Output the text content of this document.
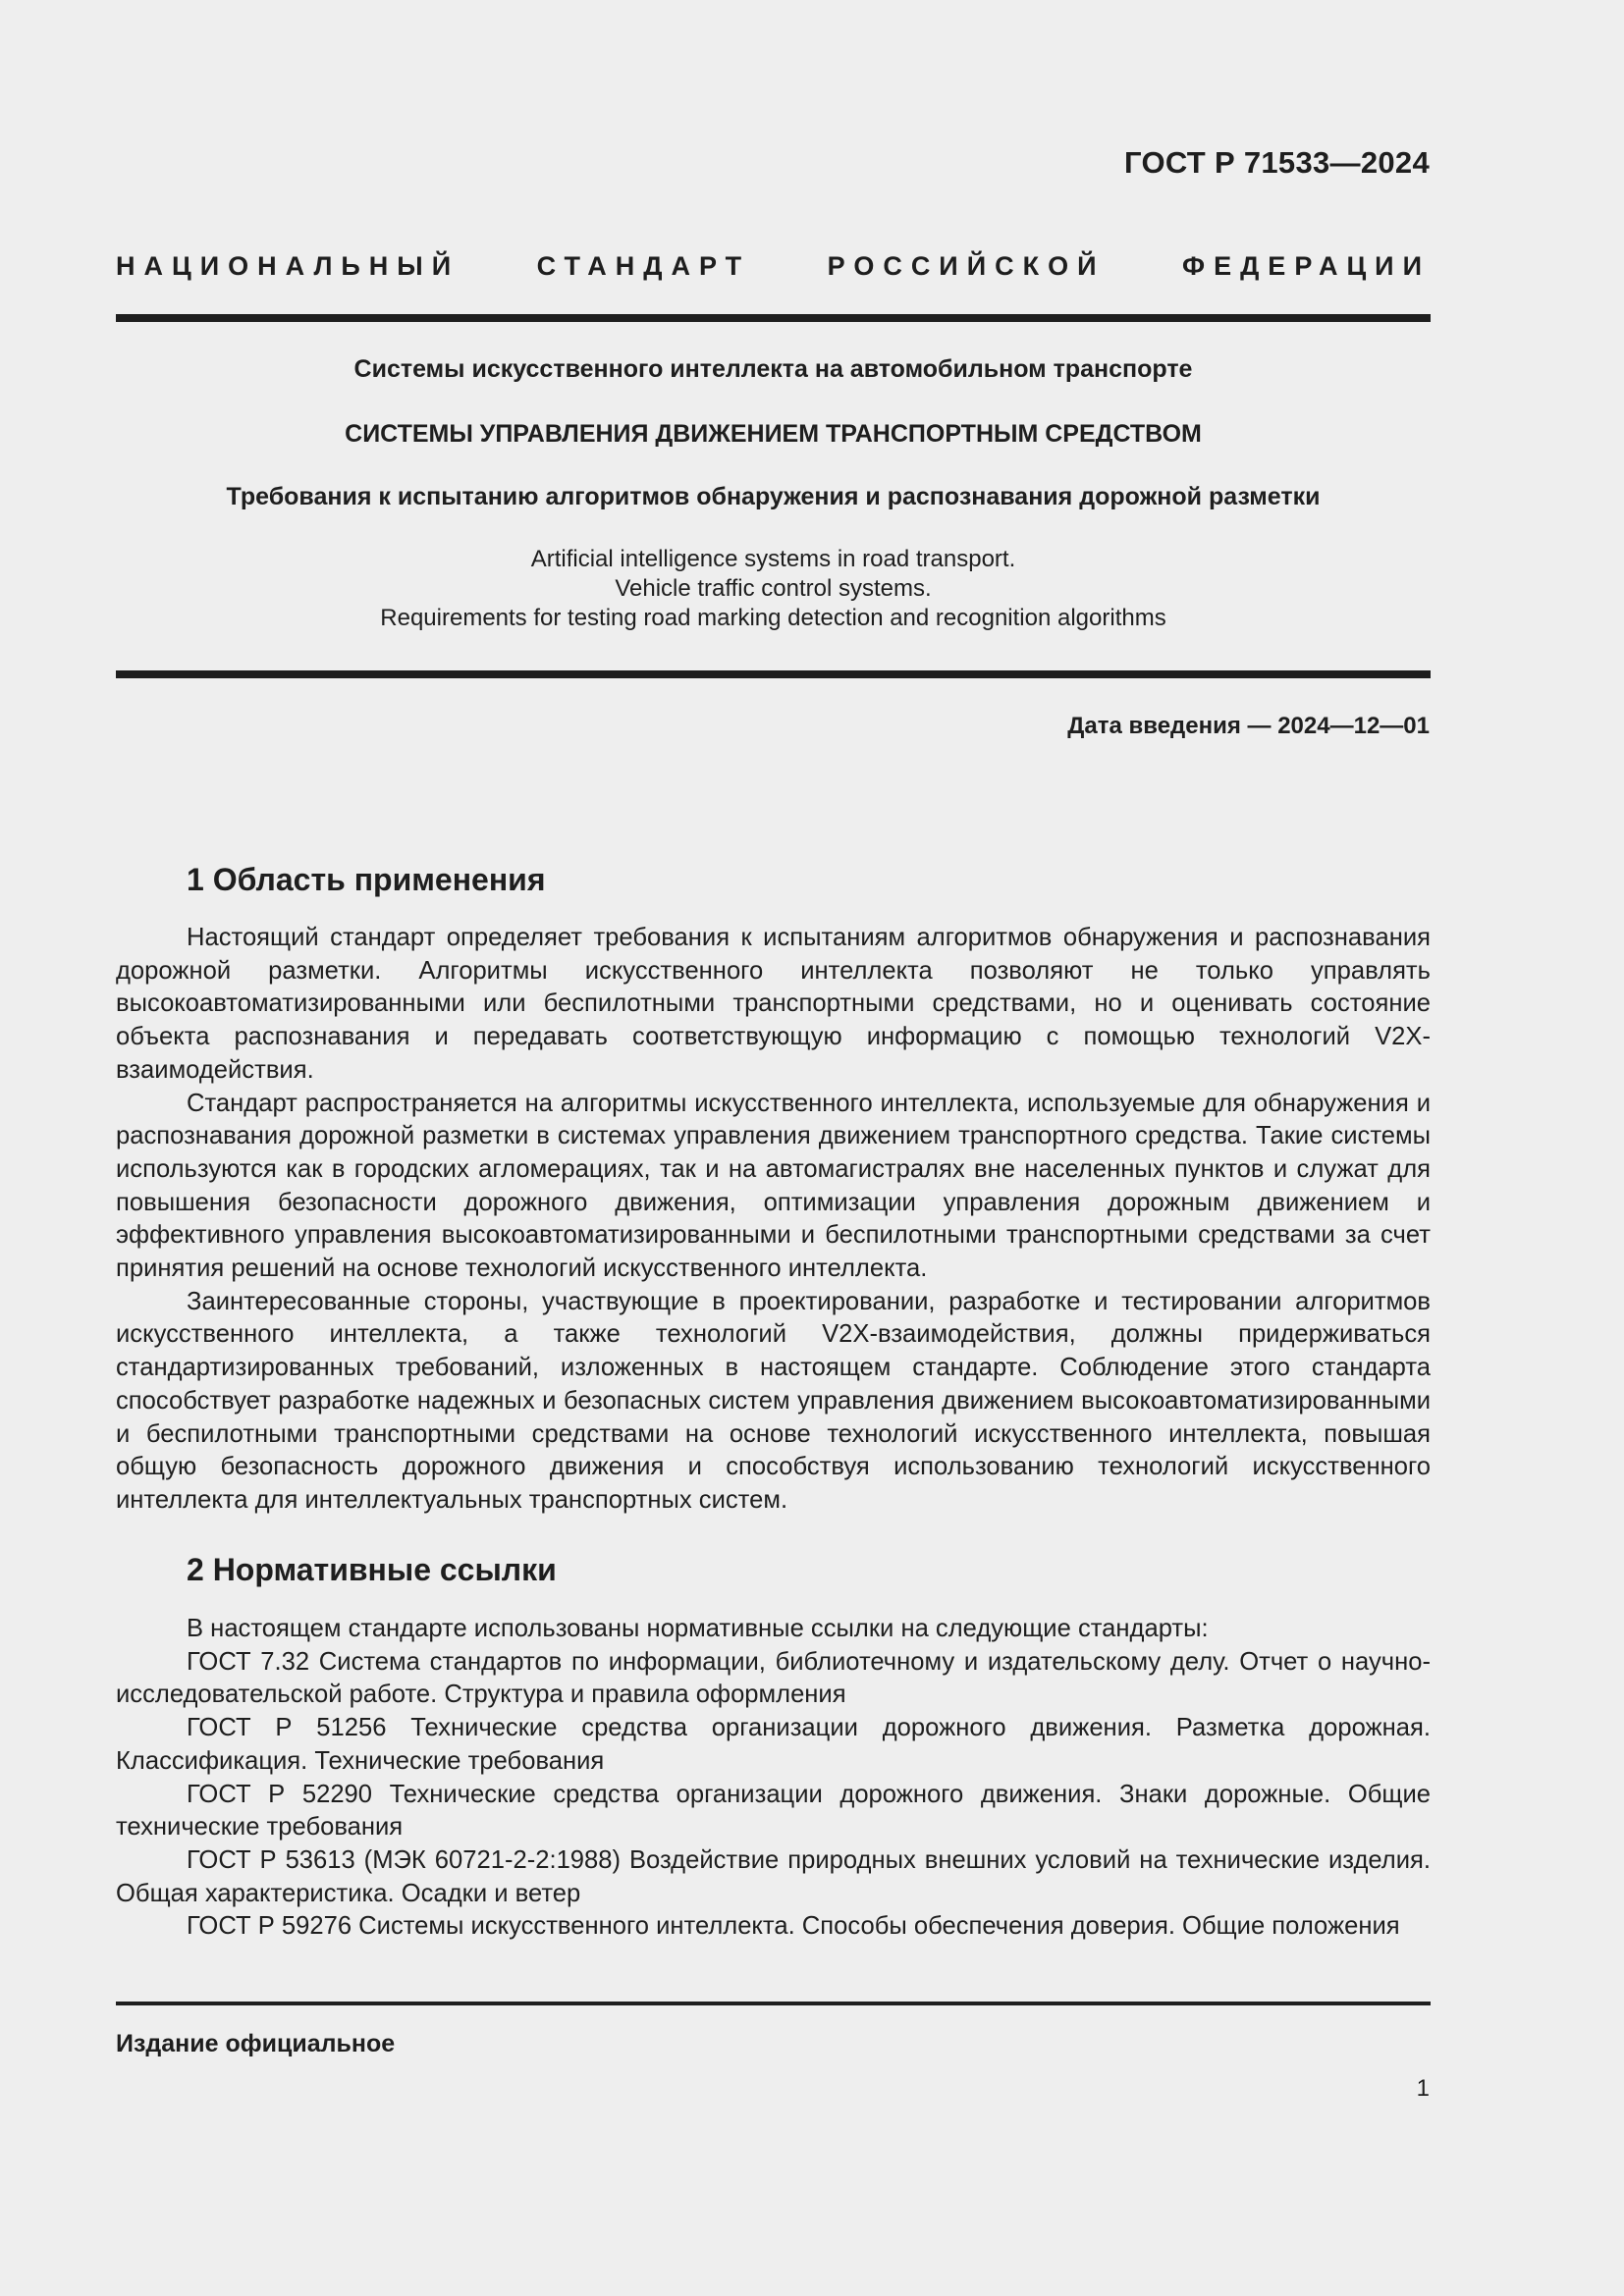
ГОСТ Р 71533—2024
НАЦИОНАЛЬНЫЙ СТАНДАРТ РОССИЙСКОЙ ФЕДЕРАЦИИ
Системы искусственного интеллекта на автомобильном транспорте
СИСТЕМЫ УПРАВЛЕНИЯ ДВИЖЕНИЕМ ТРАНСПОРТНЫМ СРЕДСТВОМ
Требования к испытанию алгоритмов обнаружения и распознавания дорожной разметки
Artificial intelligence systems in road transport.
Vehicle traffic control systems.
Requirements for testing road marking detection and recognition algorithms
Дата введения — 2024—12—01
1 Область применения

Настоящий стандарт определяет требования к испытаниям алгоритмов обнаружения и распознавания дорожной разметки. Алгоритмы искусственного интеллекта позволяют не только управлять высокоавтоматизированными или беспилотными транспортными средствами, но и оценивать состояние объекта распознавания и передавать соответствующую информацию с помощью технологий V2X-взаимодействия.

Стандарт распространяется на алгоритмы искусственного интеллекта, используемые для обнаружения и распознавания дорожной разметки в системах управления движением транспортного средства. Такие системы используются как в городских агломерациях, так и на автомагистралях вне населенных пунктов и служат для повышения безопасности дорожного движения, оптимизации управления дорожным движением и эффективного управления высокоавтоматизированными и беспилотными транспортными средствами за счет принятия решений на основе технологий искусственного интеллекта.

Заинтересованные стороны, участвующие в проектировании, разработке и тестировании алгоритмов искусственного интеллекта, а также технологий V2X-взаимодействия, должны придерживаться стандартизированных требований, изложенных в настоящем стандарте. Соблюдение этого стандарта способствует разработке надежных и безопасных систем управления движением высокоавтоматизированными и беспилотными транспортными средствами на основе технологий искусственного интеллекта, повышая общую безопасность дорожного движения и способствуя использованию технологий искусственного интеллекта для интеллектуальных транспортных систем.

2 Нормативные ссылки

В настоящем стандарте использованы нормативные ссылки на следующие стандарты:

ГОСТ 7.32 Система стандартов по информации, библиотечному и издательскому делу. Отчет о научно-исследовательской работе. Структура и правила оформления

ГОСТ Р 51256 Технические средства организации дорожного движения. Разметка дорожная. Классификация. Технические требования

ГОСТ Р 52290 Технические средства организации дорожного движения. Знаки дорожные. Общие технические требования

ГОСТ Р 53613 (МЭК 60721-2-2:1988) Воздействие природных внешних условий на технические изделия. Общая характеристика. Осадки и ветер

ГОСТ Р 59276 Системы искусственного интеллекта. Способы обеспечения доверия. Общие положения

Издание официальное
1
